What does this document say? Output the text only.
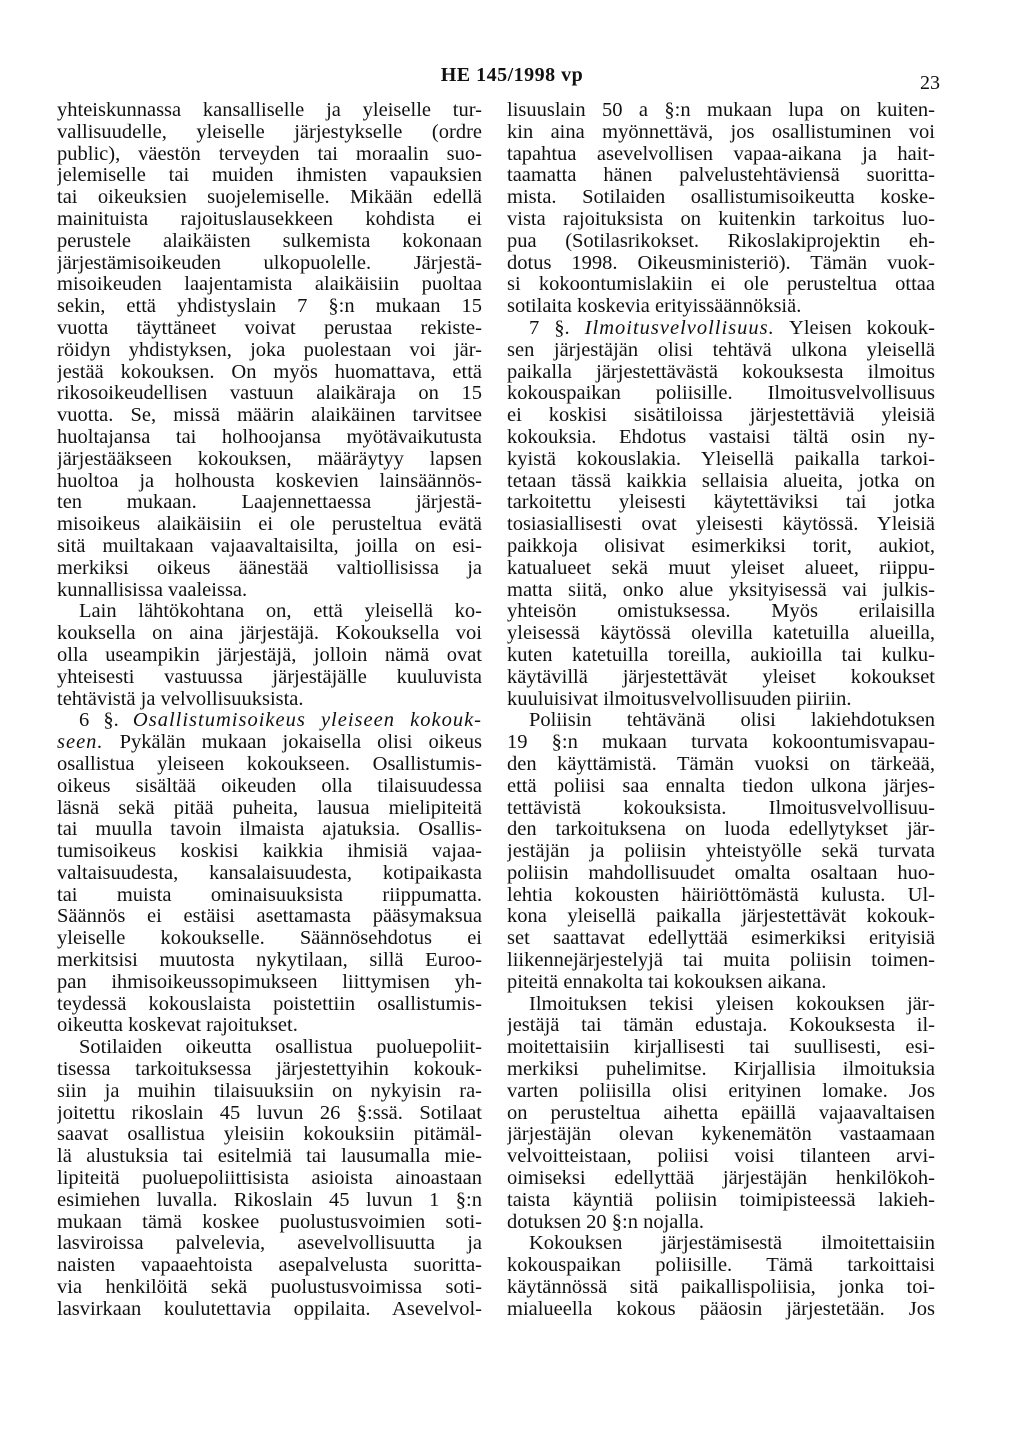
HE 145/1998 vp	23
yhteiskunnassa kansalliselle ja yleiselle tur-
vallisuudelle, yleiselle järjestykselle (ordre
public), väestön terveyden tai moraalin suo-
jelemiselle tai muiden ihmisten vapauksien
tai oikeuksien suojelemiselle. Mikään edellä
mainituista rajoituslausekkeen kohdista ei
perustele alaikäisten sulkemista kokonaan
järjestämisoikeuden ulkopuolelle. Järjestä-
misoikeuden laajentamista alaikäisiin puoltaa
sekin, että yhdistyslain 7 §:n mukaan 15
vuotta täyttäneet voivat perustaa rekiste-
röidyn yhdistyksen, joka puolestaan voi jär-
jestää kokouksen. On myös huomattava, että
rikosoikeudellisen vastuun alaikäraja on 15
vuotta. Se, missä määrin alaikäinen tarvitsee
huoltajansa tai holhoojansa myötävaikutusta
järjestääkseen kokouksen, määräytyy lapsen
huoltoa ja holhousta koskevien lainsäännös-
ten mukaan. Laajennettaessa järjestä-
misoikeus alaikäisiin ei ole perusteltua evätä
sitä muiltakaan vajaavaltaisilta, joilla on esi-
merkiksi oikeus äänestää valtiollisissa ja
kunnallisissa vaaleissa.
Lain lähtökohtana on, että yleisellä ko-
kouksella on aina järjestäjä. Kokouksella voi
olla useampikin järjestäjä, jolloin nämä ovat
yhteisesti vastuussa järjestäjälle kuuluvista
tehtävistä ja velvollisuuksista.
6 §. Osallistumisoikeus yleiseen kokouk-
seen. Pykälän mukaan jokaisella olisi oikeus
osallistua yleiseen kokoukseen. Osallistumis-
oikeus sisältää oikeuden olla tilaisuudessa
läsnä sekä pitää puheita, lausua mielipiteitä
tai muulla tavoin ilmaista ajatuksia. Osallis-
tumisoikeus koskisi kaikkia ihmisiä vajaa-
valtaisuudesta, kansalaisuudesta, kotipaikasta
tai muista ominaisuuksista riippumatta.
Säännös ei estäisi asettamasta pääsymaksua
yleiselle kokoukselle. Säännösehdotus ei
merkitsisi muutosta nykytilaan, sillä Euroo-
pan ihmisoikeussopimukseen liittymisen yh-
teydessä kokouslaista poistettiin osallistumis-
oikeutta koskevat rajoitukset.
Sotilaiden oikeutta osallistua puoluepoliit-
tisessa tarkoituksessa järjestettyihin kokouk-
siin ja muihin tilaisuuksiin on nykyisin ra-
joitettu rikoslain 45 luvun 26 §:ssä. Sotilaat
saavat osallistua yleisiin kokouksiin pitämäl-
lä alustuksia tai esitelmiä tai lausumalla mie-
lipiteitä puoluepoliittisista asioista ainoastaan
esimiehen luvalla. Rikoslain 45 luvun 1 §:n
mukaan tämä koskee puolustusvoimien soti-
lasviroissa palvelevia, asevelvollisuutta ja
naisten vapaaehtoista asepalvelusta suoritta-
via henkilöitä sekä puolustusvoimissa soti-
lasvirkaan koulutettavia oppilaita. Asevelvol-
lisuuslain 50 a §:n mukaan lupa on kuiten-
kin aina myönnettävä, jos osallistuminen voi
tapahtua asevelvollisen vapaa-aikana ja hait-
taamatta hänen palvelustehtäviensä suoritta-
mista. Sotilaiden osallistumisoikeutta koske-
vista rajoituksista on kuitenkin tarkoitus luo-
pua (Sotilasrikokset. Rikoslakiprojektin eh-
dotus 1998. Oikeusministeriö). Tämän vuok-
si kokoontumislakiin ei ole perusteltua ottaa
sotilaita koskevia erityissäännöksiä.
7 §. Ilmoitusvelvollisuus. Yleisen kokouk-
sen järjestäjän olisi tehtävä ulkona yleisellä
paikalla järjestettävästä kokouksesta ilmoitus
kokouspaikan poliisille. Ilmoitusvelvollisuus
ei koskisi sisätiloissa järjestettäviä yleisiä
kokouksia. Ehdotus vastaisi tältä osin ny-
kyistä kokouslakia. Yleisellä paikalla tarkoi-
tetaan tässä kaikkia sellaisia alueita, jotka on
tarkoitettu yleisesti käytettäviksi tai jotka
tosiasiallisesti ovat yleisesti käytössä. Yleisiä
paikkoja olisivat esimerkiksi torit, aukiot,
katualueet sekä muut yleiset alueet, riippu-
matta siitä, onko alue yksityisessä vai julkis-
yhteisön omistuksessa. Myös erilaisilla
yleisessä käytössä olevilla katetuilla alueilla,
kuten katetuilla toreilla, aukioilla tai kulku-
käytävillä järjestettävät yleiset kokoukset
kuuluisivat ilmoitusvelvollisuuden piiriin.
Poliisin tehtävänä olisi lakiehdotuksen
19 §:n mukaan turvata kokoontumisvapau-
den käyttämistä. Tämän vuoksi on tärkeää,
että poliisi saa ennalta tiedon ulkona järjes-
tettävistä kokouksista. Ilmoitusvelvollisuu-
den tarkoituksena on luoda edellytykset jär-
jestäjän ja poliisin yhteistyölle sekä turvata
poliisin mahdollisuudet omalta osaltaan huo-
lehtia kokousten häiriöttömästä kulusta. Ul-
kona yleisellä paikalla järjestettävät kokouk-
set saattavat edellyttää esimerkiksi erityisiä
liikennejärjestelyjä tai muita poliisin toimen-
piteitä ennakolta tai kokouksen aikana.
Ilmoituksen tekisi yleisen kokouksen jär-
jestäjä tai tämän edustaja. Kokouksesta il-
moitettaisiin kirjallisesti tai suullisesti, esi-
merkiksi puhelimitse. Kirjallisia ilmoituksia
varten poliisilla olisi erityinen lomake. Jos
on perusteltua aihetta epäillä vajaavaltaisen
järjestäjän olevan kykenemätön vastaamaan
velvoitteistaan, poliisi voisi tilanteen arvi-
oimiseksi edellyttää järjestäjän henkilökoh-
taista käyntiä poliisin toimipisteessä lakieh-
dotuksen 20 §:n nojalla.
Kokouksen järjestämisestä ilmoitettaisiin
kokouspaikan poliisille. Tämä tarkoittaisi
käytännössä sitä paikallispoliisia, jonka toi-
mialueella kokous pääosin järjestetään. Jos
